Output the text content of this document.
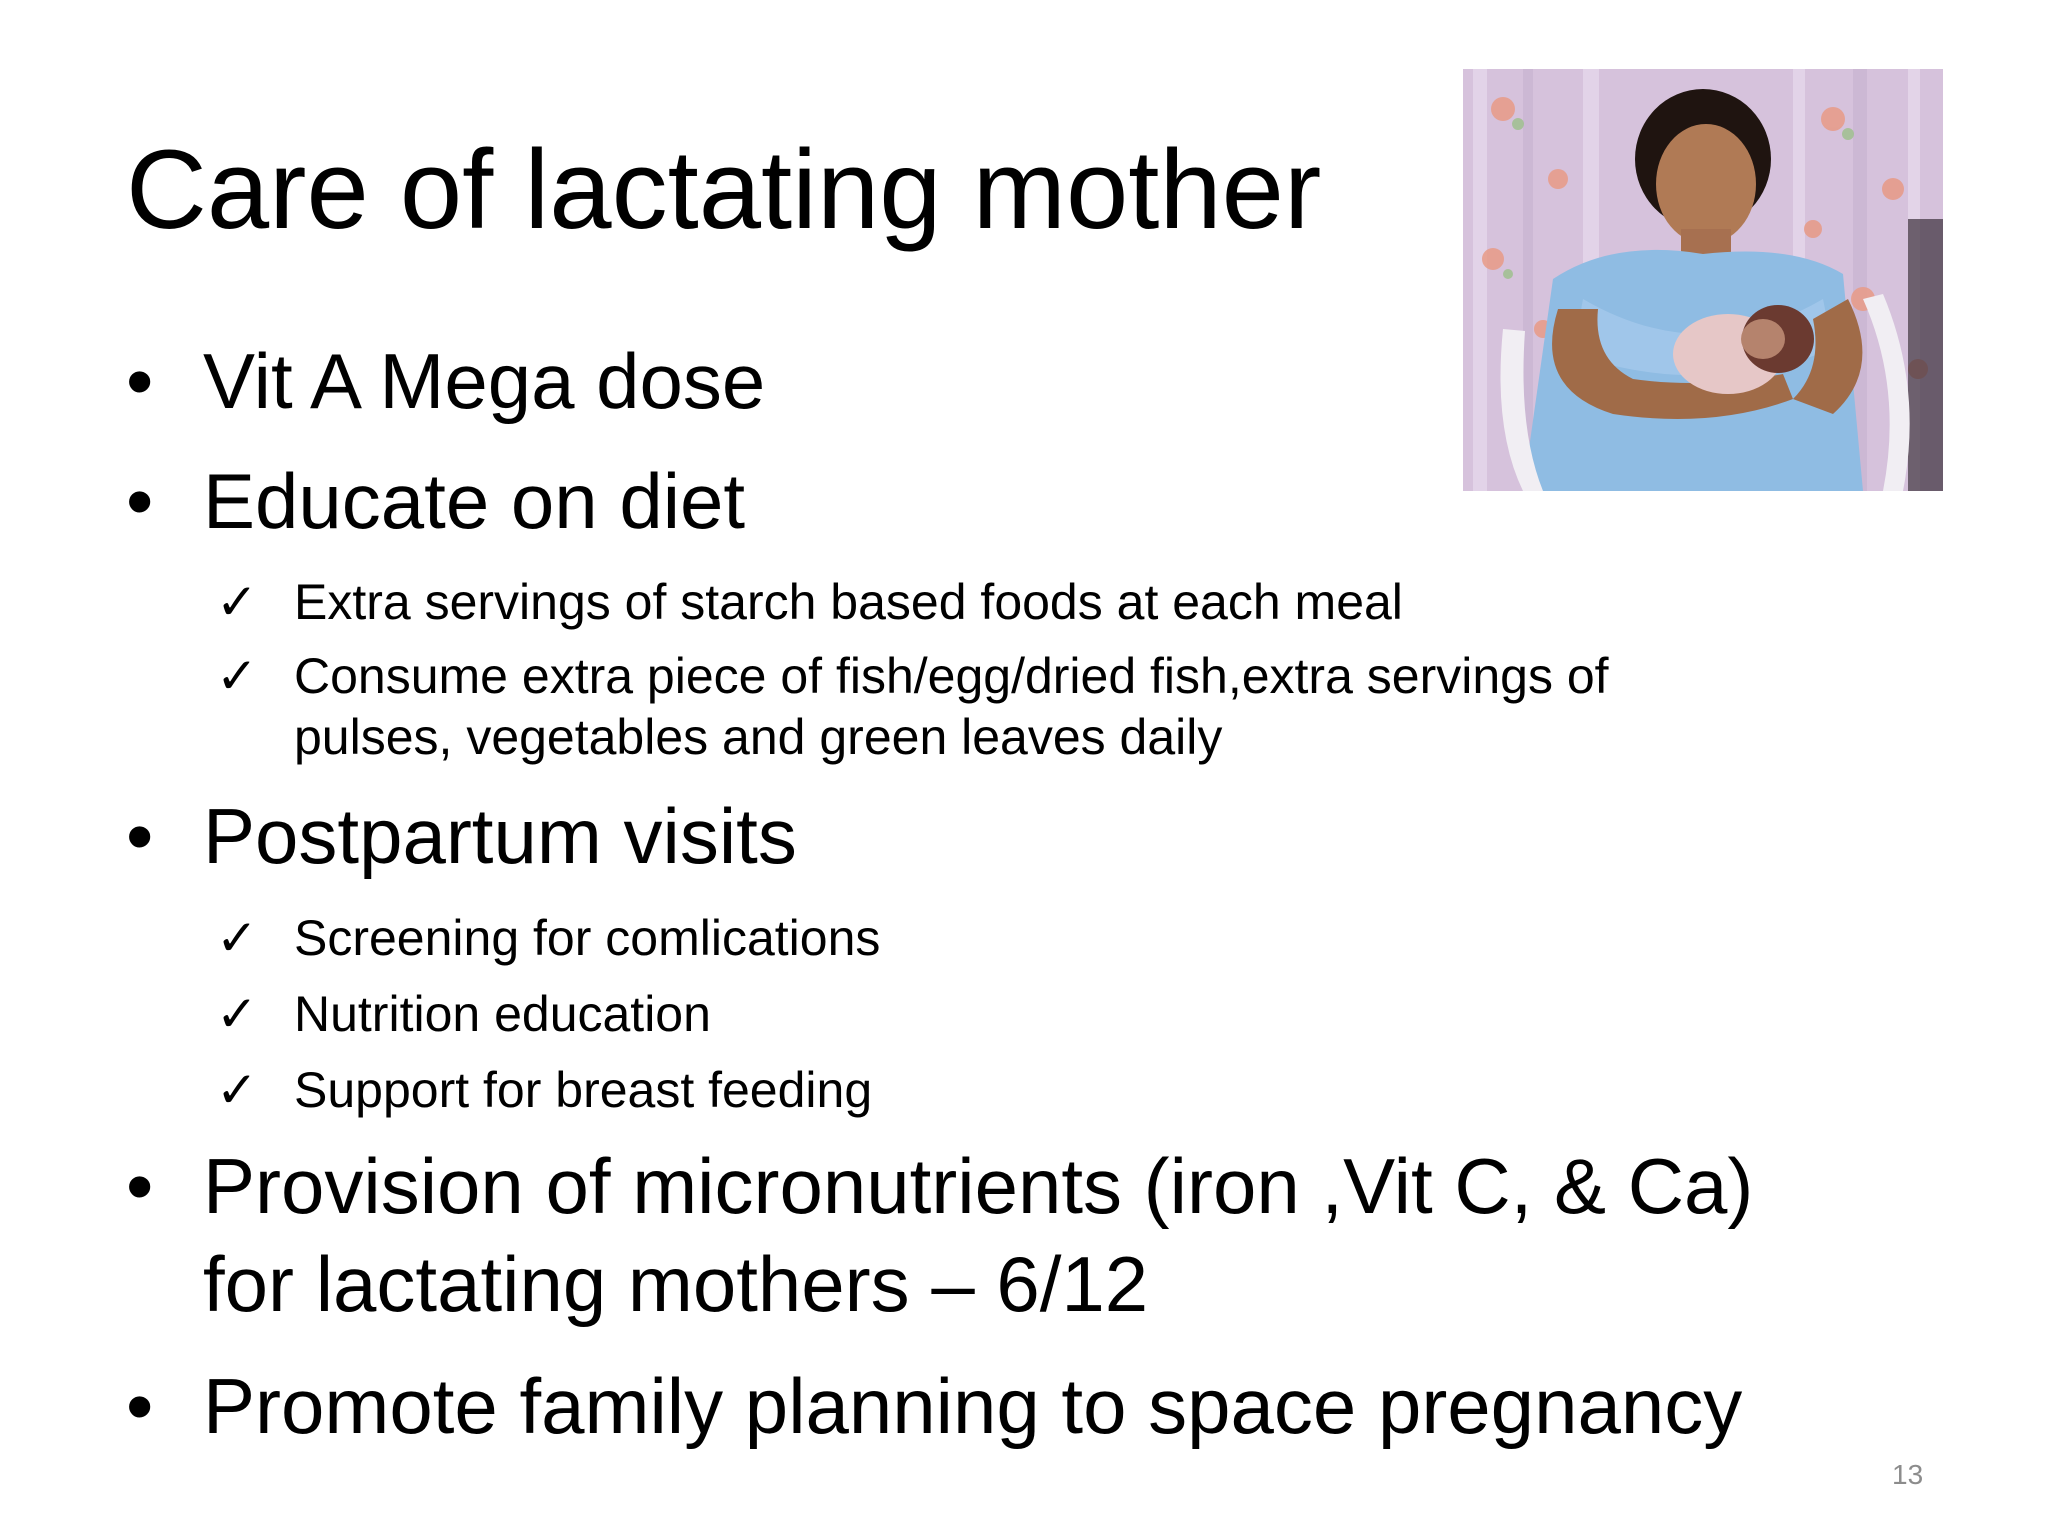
Care of lactating mother
• Vit A Mega dose
• Educate on diet
✓ Extra servings of starch based foods at each meal
✓ Consume extra piece of fish/egg/dried fish,extra servings of
pulses, vegetables and green leaves daily
• Postpartum visits
✓ Screening for comlications
✓ Nutrition education
✓ Support for breast feeding
• Provision of micronutrients (iron ,Vit C, & Ca)
for lactating mothers – 6/12
• Promote family planning to space pregnancy
13
